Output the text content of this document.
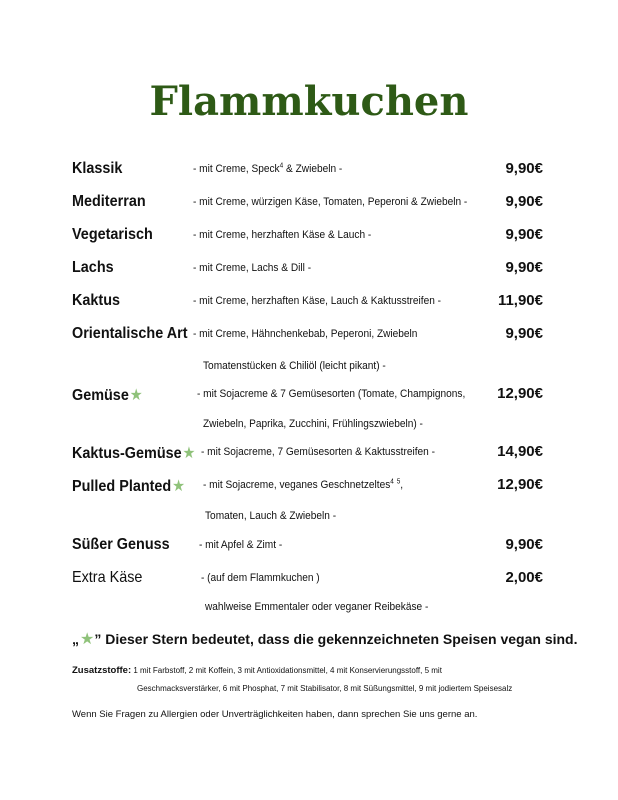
Flammkuchen
Klassik	- mit Creme, Speck$^4$ & Zwiebeln -	9,90€
Mediterran	- mit Creme, würzigen Käse, Tomaten, Peperoni & Zwiebeln -	9,90€
Vegetarisch	- mit Creme, herzhaften Käse & Lauch -	9,90€
Lachs	- mit Creme, Lachs & Dill -	9,90€
Kaktus	- mit Creme, herzhaften Käse, Lauch & Kaktusstreifen -	11,90€
Orientalische Art - mit Creme, Hähnchenkebab, Peperoni, Zwiebeln	9,90€
Tomatenstücken & Chiliöl (leicht pikant) -
Gemüse★	- mit Sojacreme & 7 Gemüsesorten (Tomate, Champignons, 12,90€
Zwiebeln, Paprika, Zucchini, Frühlingszwiebeln) -
Kaktus-Gemüse★ - mit Sojacreme, 7 Gemüsesorten & Kaktusstreifen -	14,90€
Pulled Planted★ - mit Sojacreme, veganes Geschnetzeltes$^4$ $^5$,	12,90€
Tomaten, Lauch & Zwiebeln -
Süßer Genuss	- mit Apfel & Zimt -	9,90€
Extra Käse	- (auf dem Flammkuchen )	2,00€
wahlweise Emmentaler oder veganer Reibekäse -
„★” Dieser Stern bedeutet, dass die gekennzeichneten Speisen vegan sind.
Zusatzstoffe: 1 mit Farbstoff, 2 mit Koffein, 3 mit Antioxidationsmittel, 4 mit Konservierungsstoff, 5 mit
Geschmacksverstärker, 6 mit Phosphat, 7 mit Stabilisator, 8 mit Süßungsmittel, 9 mit jodiertem Speisesalz
Wenn Sie Fragen zu Allergien oder Unverträglichkeiten haben, dann sprechen Sie uns gerne an.
